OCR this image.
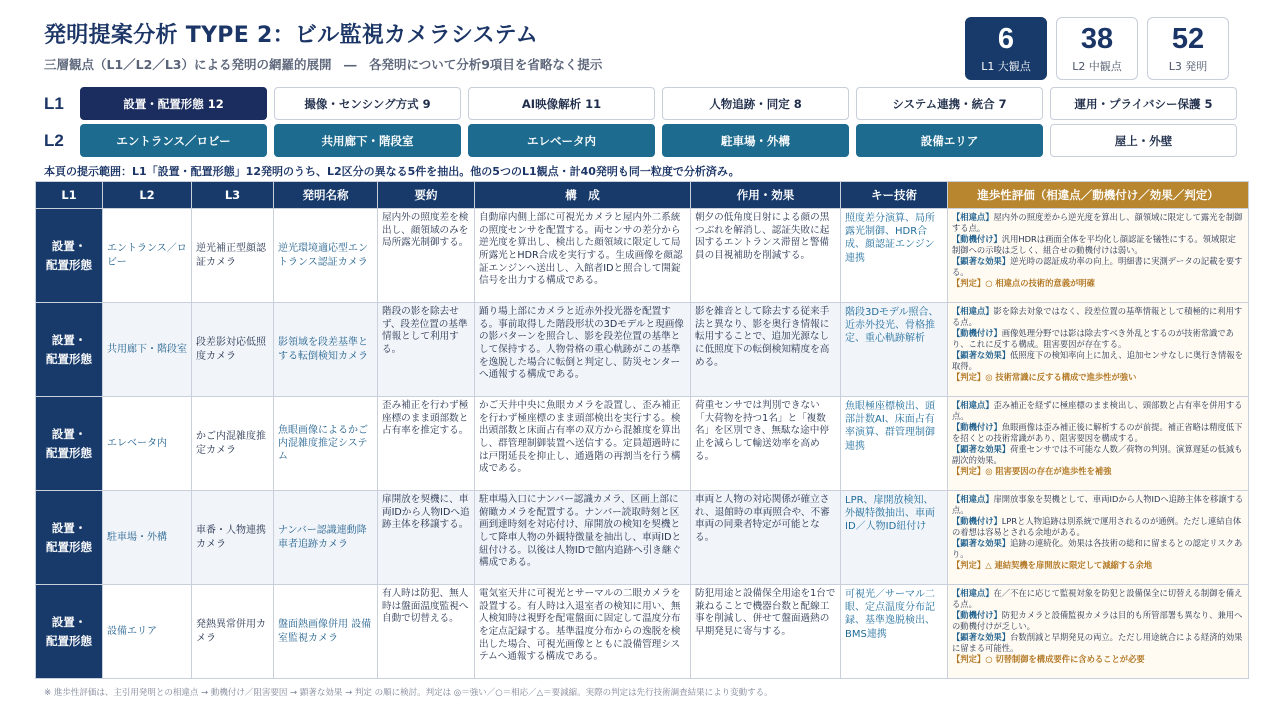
発明提案分析 TYPE 2：ビル監視カメラシステム
三層観点（L1／L2／L3）による発明の網羅的展開　―　各発明について分析9項目を省略なく提示
6
L1 大観点
38
L2 中観点
52
L3 発明
L1	設置・配置形態 12	撮像・センシング方式 9	AI映像解析 11	人物追跡・同定 8	システム連携・統合 7	運用・プライバシー保護 5
L2	エントランス／ロビー	共用廊下・階段室	エレベータ内	駐車場・外構	設備エリア	屋上・外壁
本頁の提示範囲：L1「設置・配置形態」12発明のうち、L2区分の異なる5件を抽出。他の5つのL1観点・計40発明も同一粒度で分析済み。
L1	L2	L3	発明名称	要約	構　成	作用・効果	キー技術	進歩性評価（相違点／動機付け／効果／判定）
設置・
配置形態	エントランス／ロビー	逆光補正型顔認証カメラ	逆光環境適応型エントランス認証カメラ	屋内外の照度差を検出し、顔領域のみを局所露光制御する。	自動扉内側上部に可視光カメラと屋内外二系統の照度センサを配置する。両センサの差分から逆光度を算出し、検出した顔領域に限定して局所露光とHDR合成を実行する。生成画像を顔認証エンジンへ送出し、入館者IDと照合して開錠信号を出力する構成である。	朝夕の低角度日射による顔の黒つぶれを解消し、認証失敗に起因するエントランス滞留と警備員の目視補助を削減する。	照度差分演算、局所露光制御、HDR合成、顔認証エンジン連携	【相違点】屋内外の照度差から逆光度を算出し、顔領域に限定して露光を制御する点。
【動機付け】汎用HDRは画面全体を平均化し顔認証を犠牲にする。領域限定制御への示唆は乏しく、組合せの動機付けは弱い。
【顕著な効果】逆光時の認証成功率の向上。明細書に実測データの記載を要する。
【判定】○ 相違点の技術的意義が明確

設置・
配置形態	共用廊下・階段室	段差影対応低照度カメラ	影領域を段差基準とする転倒検知カメラ	階段の影を除去せず、段差位置の基準情報として利用する。	踊り場上部にカメラと近赤外投光器を配置する。事前取得した階段形状の3Dモデルと現画像の影パターンを照合し、影を段差位置の基準として保持する。人物骨格の重心軌跡がこの基準を逸脱した場合に転倒と判定し、防災センターへ通報する構成である。	影を雑音として除去する従来手法と異なり、影を奥行き情報に転用することで、追加光源なしに低照度下の転倒検知精度を高める。	階段3Dモデル照合、近赤外投光、骨格推定、重心軌跡解析	【相違点】影を除去対象ではなく、段差位置の基準情報として積極的に利用する点。
【動機付け】画像処理分野では影は除去すべき外乱とするのが技術常識であり、これに反する構成。阻害要因が存在する。
【顕著な効果】低照度下の検知率向上に加え、追加センサなしに奥行き情報を取得。
【判定】◎ 技術常識に反する構成で進歩性が強い

設置・
配置形態	エレベータ内	かご内混雑度推定カメラ	魚眼画像によるかご内混雑度推定システム	歪み補正を行わず極座標のまま頭部数と占有率を推定する。	かご天井中央に魚眼カメラを設置し、歪み補正を行わず極座標のまま頭部検出を実行する。検出頭部数と床面占有率の双方から混雑度を算出し、群管理制御装置へ送信する。定員超過時には戸閉延長を抑止し、通過階の再割当を行う構成である。	荷重センサでは判別できない「大荷物を持つ1名」と「複数名」を区別でき、無駄な途中停止を減らして輸送効率を高める。	魚眼極座標検出、頭部計数AI、床面占有率演算、群管理制御連携	【相違点】歪み補正を経ずに極座標のまま検出し、頭部数と占有率を併用する点。
【動機付け】魚眼画像は歪み補正後に解析するのが前提。補正省略は精度低下を招くとの技術常識があり、阻害要因を構成する。
【顕著な効果】荷重センサでは不可能な人数／荷物の判別。演算遅延の低減も副次的効果。
【判定】◎ 阻害要因の存在が進歩性を補強

設置・
配置形態	駐車場・外構	車番・人物連携カメラ	ナンバー認識連動降車者追跡カメラ	扉開放を契機に、車両IDから人物IDへ追跡主体を移譲する。	駐車場入口にナンバー認識カメラ、区画上部に俯瞰カメラを配置する。ナンバー読取時刻と区画到達時刻を対応付け、扉開放の検知を契機として降車人物の外観特徴量を抽出し、車両IDと紐付ける。以後は人物IDで館内追跡へ引き継ぐ構成である。	車両と人物の対応関係が確立され、退館時の車両照合や、不審車両の同乗者特定が可能となる。	LPR、扉開放検知、外観特徴抽出、車両ID／人物ID紐付け	【相違点】扉開放事象を契機として、車両IDから人物IDへ追跡主体を移譲する点。
【動機付け】LPRと人物追跡は別系統で運用されるのが通例。ただし連結自体の着想は容易とされる余地がある。
【顕著な効果】追跡の連続化。効果は各技術の総和に留まるとの認定リスクあり。
【判定】△ 連結契機を扉開放に限定して減縮する余地

設置・
配置形態	設備エリア	発熱異常併用カメラ	盤面熱画像併用 設備室監視カメラ	有人時は防犯、無人時は盤面温度監視へ自動で切替える。	電気室天井に可視光とサーマルの二眼カメラを設置する。有人時は入退室者の検知に用い、無人検知時は視野を配電盤面に固定して温度分布を定点記録する。基準温度分布からの逸脱を検出した場合、可視光画像とともに設備管理システムへ通報する構成である。	防犯用途と設備保全用途を1台で兼ねることで機器台数と配線工事を削減し、併せて盤面過熱の早期発見に寄与する。	可視光／サーマル二眼、定点温度分布記録、基準逸脱検出、BMS連携	【相違点】在／不在に応じて監視対象を防犯と設備保全に切替える制御を備える点。
【動機付け】防犯カメラと設備監視カメラは目的も所管部署も異なり、兼用への動機付けが乏しい。
【顕著な効果】台数削減と早期発見の両立。ただし用途統合による経済的効果に留まる可能性。
【判定】○ 切替制御を構成要件に含めることが必要
※ 進歩性評価は、主引用発明との相違点 → 動機付け／阻害要因 → 顕著な効果 → 判定 の順に検討。判定は ◎＝強い／○＝相応／△＝要減縮。実際の判定は先行技術調査結果により変動する。
